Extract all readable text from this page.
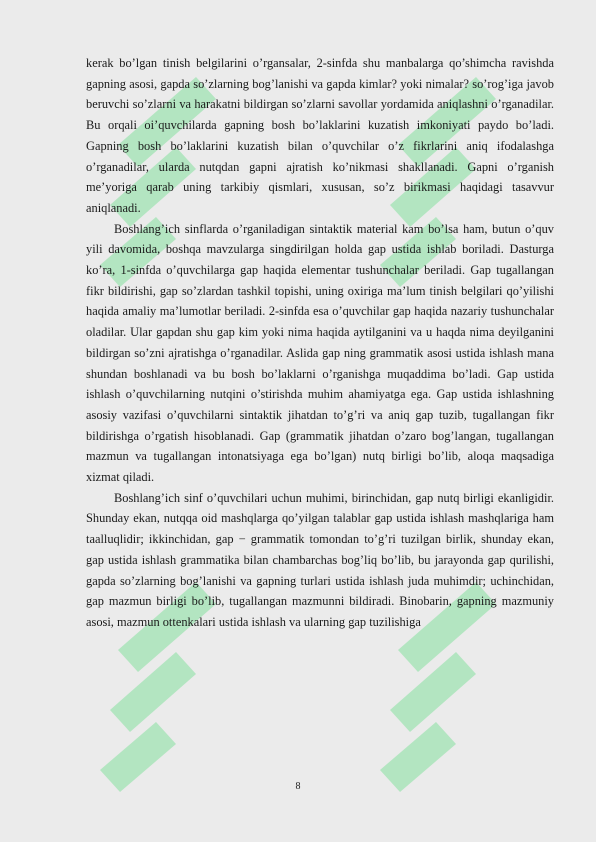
kerak bo’lgan tinish belgilarini o’rgansalar, 2-sinfda shu manbalarga qo’shimcha ravishda gapning asosi, gapda so’zlarning bog’lanishi va gapda kimlar? yoki nimalar? so’rog’iga javob beruvchi so’zlarni va harakatni bildirgan so’zlarni savollar yordamida aniqlashni o’rganadilar. Bu orqali oi’quvchilarda gapning bosh bo’laklarini kuzatish imkoniyati paydo bo’ladi. Gapning bosh bo’laklarini kuzatish bilan o’quvchilar o’z fikrlarini aniq ifodalashga o’rganadilar, ularda nutqdan gapni ajratish ko’nikmasi shakllanadi. Gapni o’rganish me’yoriga qarab uning tarkibiy qismlari, xususan, so’z birikmasi haqidagi tasavvur aniqlanadi.

Boshlang’ich sinflarda o’rganiladigan sintaktik material kam bo’lsa ham, butun o’quv yili davomida, boshqa mavzularga singdirilgan holda gap ustida ishlab boriladi. Dasturga ko’ra, 1-sinfda o’quvchilarga gap haqida elementar tushunchalar beriladi. Gap tugallangan fikr bildirishi, gap so’zlardan tashkil topishi, uning oxiriga ma’lum tinish belgilari qo’yilishi haqida amaliy ma’lumotlar beriladi. 2-sinfda esa o’quvchilar gap haqida nazariy tushunchalar oladilar. Ular gapdan shu gap kim yoki nima haqida aytilganini va u haqda nima deyilganini bildirgan so’zni ajratishga o’rganadilar. Aslida gap ning grammatik asosi ustida ishlash mana shundan boshlanadi va bu bosh bo’laklarni o’rganishga muqaddima bo’ladi. Gap ustida ishlash o’quvchilarning nutqini o’stirishda muhim ahamiyatga ega. Gap ustida ishlashning asosiy vazifasi o’quvchilarni sintaktik jihatdan to’g’ri va aniq gap tuzib, tugallangan fikr bildirishga o’rgatish hisoblanadi. Gap (grammatik jihatdan o’zaro bog’langan, tugallangan mazmun va tugallangan intonatsiyaga ega bo’lgan) nutq birligi bo’lib, aloqa maqsadiga xizmat qiladi.

Boshlang’ich sinf o’quvchilari uchun muhimi, birinchidan, gap nutq birligi ekanligidir. Shunday ekan, nutqqa oid mashqlarga qo’yilgan talablar gap ustida ishlash mashqlariga ham taalluqlidir; ikkinchidan, gap − grammatik tomondan to’g’ri tuzilgan birlik, shunday ekan, gap ustida ishlash grammatika bilan chambarchas bog’liq bo’lib, bu jarayonda gap qurilishi, gapda so’zlarning bog’lanishi va gapning turlari ustida ishlash juda muhimdir; uchinchidan, gap mazmun birligi bo’lib, tugallangan mazmunni bildiradi. Binobarin, gapning mazmuniy asosi, mazmun ottenkalari ustida ishlash va ularning gap tuzilishiga

8
